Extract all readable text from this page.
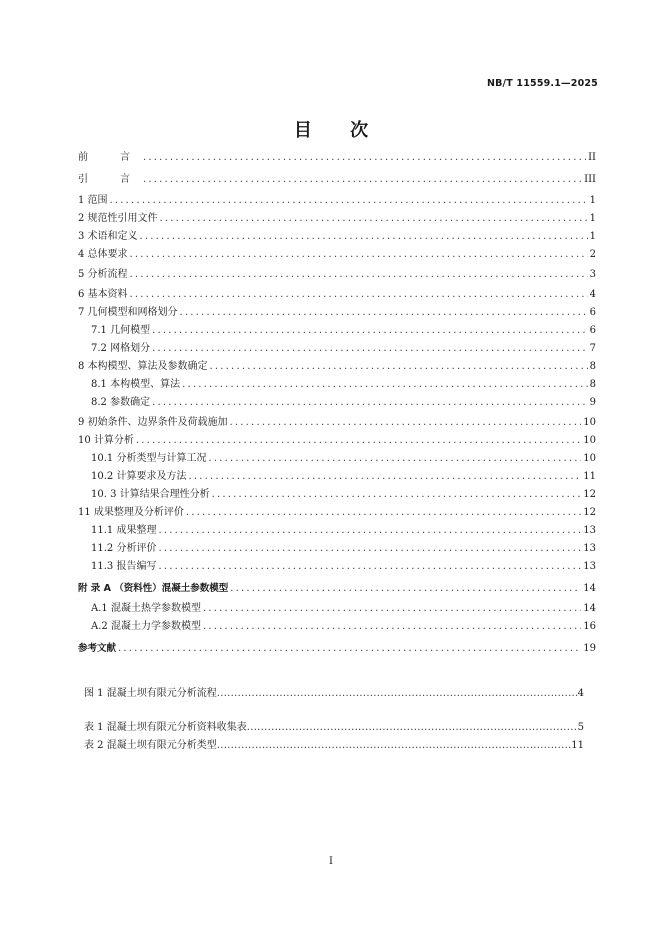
NB/T 11559.1—2025
目 次
前　言 .....	II
引　言 .....	III
1 范围 .....	1
2 规范性引用文件 .....	1
3 术语和定义 .....	1
4 总体要求 .....	2
5 分析流程 .....	3
6 基本资料 .....	4
7 几何模型和网格划分 .....	6
7.1 几何模型 .....	6
7.2 网格划分 .....	7
8 本构模型、算法及参数确定 .....	8
8.1 本构模型、算法 .....	8
8.2 参数确定 .....	9
9 初始条件、边界条件及荷载施加 .....	10
10 计算分析 .....	10
10.1 分析类型与计算工况 .....	10
10.2 计算要求及方法 .....	11
10. 3 计算结果合理性分析 .....	12
11 成果整理及分析评价 .....	12
11.1 成果整理 .....	13
11.2 分析评价 .....	13
11.3 报告编写 .....	13
附 录 A （资料性）混凝土参数模型 .....	14
A.1 混凝土热学参数模型 .....	14
A.2 混凝土力学参数模型 .....	16
参考文献 .....	19
图 1 混凝土坝有限元分析流程 .....	4
表 1 混凝土坝有限元分析资料收集表 .....	5
表 2 混凝土坝有限元分析类型 .....	11
I
